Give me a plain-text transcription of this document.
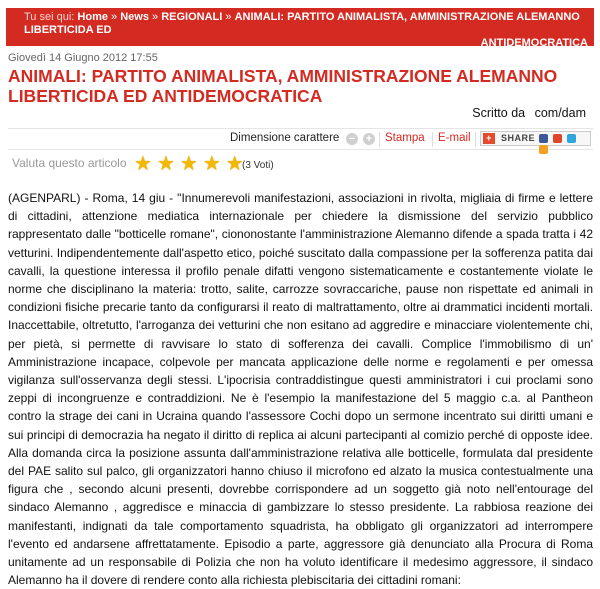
Tu sei qui: Home » News » REGIONALI » ANIMALI: PARTITO ANIMALISTA, AMMINISTRAZIONE ALEMANNO LIBERTICIDA ED
ANTIDEMOCRATICA
Giovedì 14 Giugno 2012 17:55
ANIMALI: PARTITO ANIMALISTA, AMMINISTRAZIONE ALEMANNO LIBERTICIDA ED ANTIDEMOCRATICA
Scritto da com/dam
Dimensione carattere − + Stampa E-mail	+	SHARE

Valuta questo articolo ★ ★ ★ ★ ★
(3 Voti)

(AGENPARL) - Roma, 14 giu - "Innumerevoli manifestazioni, associazioni in rivolta, migliaia di firme e lettere di cittadini, attenzione mediatica internazionale per chiedere la dismissione del servizio pubblico rappresentato dalle "botticelle romane", ciononostante l'amministrazione Alemanno difende a spada tratta i 42 vetturini. Indipendentemente dall'aspetto etico, poiché suscitato dalla compassione per la sofferenza patita dai cavalli, la questione interessa il profilo penale difatti vengono sistematicamente e costantemente violate le norme che disciplinano la materia: trotto, salite, carrozze sovraccariche, pause non rispettate ed animali in condizioni fisiche precarie tanto da configurarsi il reato di maltrattamento, oltre ai drammatici incidenti mortali. Inaccettabile, oltretutto, l'arroganza dei vetturini che non esitano ad aggredire e minacciare violentemente chi, per pietà, si permette di ravvisare lo stato di sofferenza dei cavalli. Complice l'immobilismo di un' Amministrazione incapace, colpevole per mancata applicazione delle norme e regolamenti e per omessa vigilanza sull'osservanza degli stessi. L'ipocrisia contraddistingue questi amministratori i cui proclami sono zeppi di incongruenze e contraddizioni. Ne è l'esempio la manifestazione del 5 maggio c.a. al Pantheon contro la strage dei cani in Ucraina quando l'assessore Cochi dopo un sermone incentrato sui diritti umani e sui principi di democrazia ha negato il diritto di replica ai alcuni partecipanti al comizio perché di opposte idee. Alla domanda circa la posizione assunta dall'amministrazione relativa alle botticelle, formulata dal presidente del PAE salito sul palco, gli organizzatori hanno chiuso il microfono ed alzato la musica contestualmente una figura che , secondo alcuni presenti, dovrebbe corrispondere ad un soggetto già noto nell'entourage del sindaco Alemanno , aggredisce e minaccia di gambizzare lo stesso presidente. La rabbiosa reazione dei manifestanti, indignati da tale comportamento squadrista, ha obbligato gli organizzatori ad interrompere l'evento ed andarsene affrettatamente. Episodio a parte, aggressore già denunciato alla Procura di Roma unitamente ad un responsabile di Polizia che non ha voluto identificare il medesimo aggressore, il sindaco Alemanno ha il dovere di rendere conto alla richiesta plebiscitaria dei cittadini romani:
